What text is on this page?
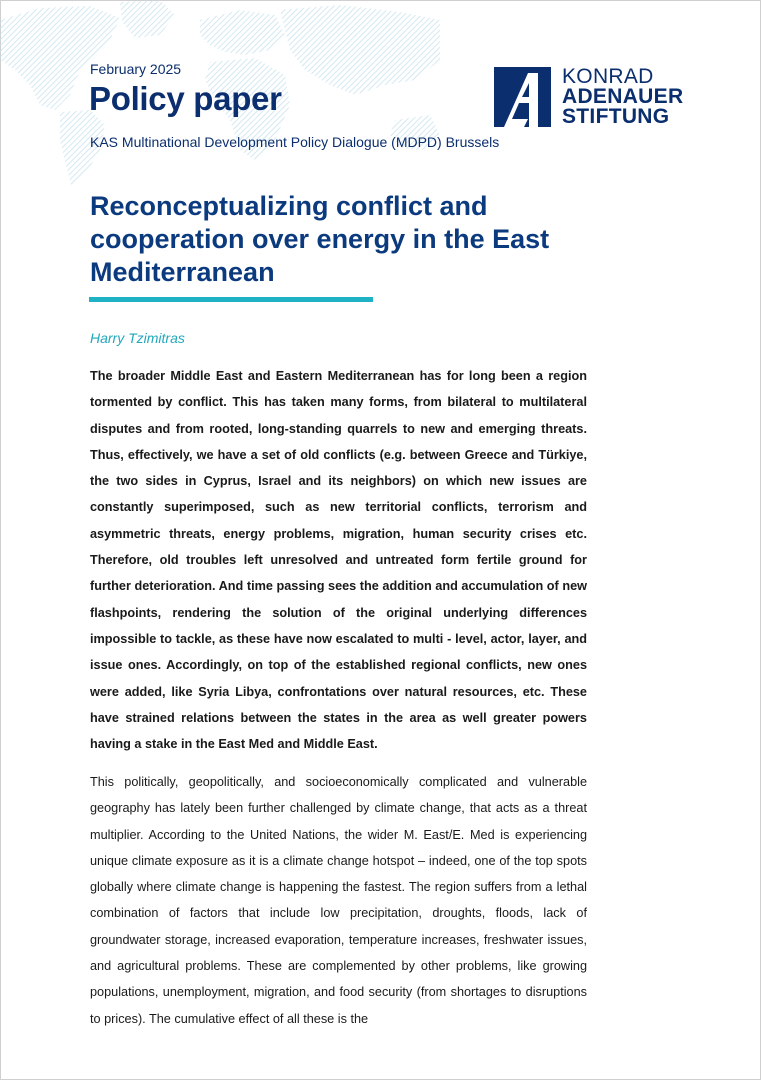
February 2025

Policy paper

KAS Multinational Development Policy Dialogue (MDPD) Brussels

KONRAD
ADENAUER
STIFTUNG
Reconceptualizing conflict and cooperation over energy in the East Mediterranean

Harry Tzimitras

The broader Middle East and Eastern Mediterranean has for long been a region tormented by conflict. This has taken many forms, from bilateral to multilateral disputes and from rooted, long-standing quarrels to new and emerging threats. Thus, effectively, we have a set of old conflicts (e.g. between Greece and Türkiye, the two sides in Cyprus, Israel and its neighbors) on which new issues are constantly superimposed, such as new territorial conflicts, terrorism and asymmetric threats, energy problems, migration, human security crises etc. Therefore, old troubles left unresolved and untreated form fertile ground for further deterioration. And time passing sees the addition and accumulation of new flashpoints, rendering the solution of the original underlying differences impossible to tackle, as these have now escalated to multi - level, actor, layer, and issue ones. Accordingly, on top of the established regional conflicts, new ones were added, like Syria Libya, confrontations over natural resources, etc. These have strained relations between the states in the area as well greater powers having a stake in the East Med and Middle East.

This politically, geopolitically, and socioeconomically complicated and vulnerable geography has lately been further challenged by climate change, that acts as a threat multiplier. According to the United Nations, the wider M. East/E. Med is experiencing unique climate exposure as it is a climate change hotspot – indeed, one of the top spots globally where climate change is happening the fastest. The region suffers from a lethal combination of factors that include low precipitation, droughts, floods, lack of groundwater storage, increased evaporation, temperature increases, freshwater issues, and agricultural problems. These are complemented by other problems, like growing populations, unemployment, migration, and food security (from shortages to disruptions to prices). The cumulative effect of all these is the
